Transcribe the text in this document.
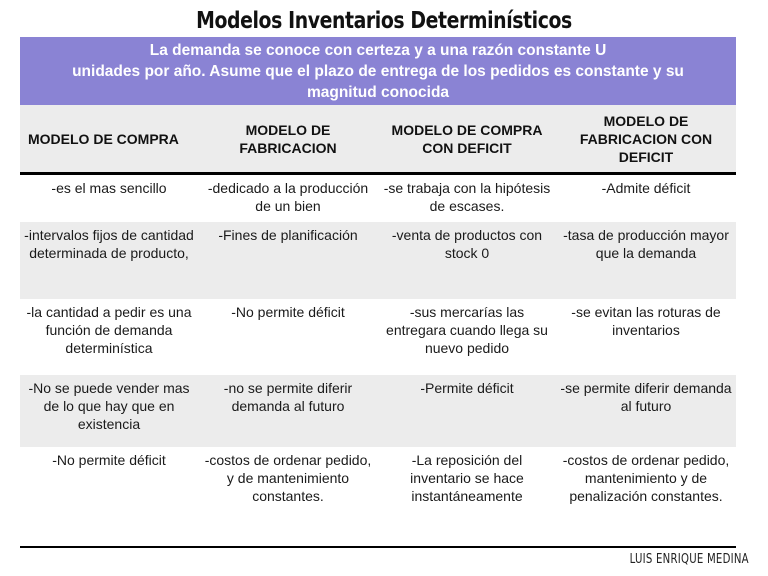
Modelos Inventarios Determinísticos
La demanda se conoce con certeza y a una razón constante U
unidades por año. Asume que el plazo de entrega de los pedidos es constante y su
magnitud conocida
MODELO DE COMPRA	MODELO DE FABRICACION	MODELO DE COMPRA CON DEFICIT	MODELO DE FABRICACION CON DEFICIT
-es el mas sencillo	-dedicado a la producción de un bien	-se trabaja con la hipótesis de escases.	-Admite déficit
-intervalos fijos de cantidad determinada de producto,	-Fines de planificación	-venta de productos con stock 0	-tasa de producción mayor que la demanda
-la cantidad a pedir es una función de demanda determinística	-No permite déficit	-sus mercarías las entregara cuando llega su nuevo pedido	-se evitan las roturas de inventarios
-No se puede vender mas de lo que hay que en existencia	-no se permite diferir demanda al futuro	-Permite déficit	-se permite diferir demanda al futuro
-No permite déficit	-costos de ordenar pedido, y de mantenimiento constantes.	-La reposición del inventario se hace instantáneamente	-costos de ordenar pedido, mantenimiento y de penalización constantes.
LUIS ENRIQUE MEDINA
